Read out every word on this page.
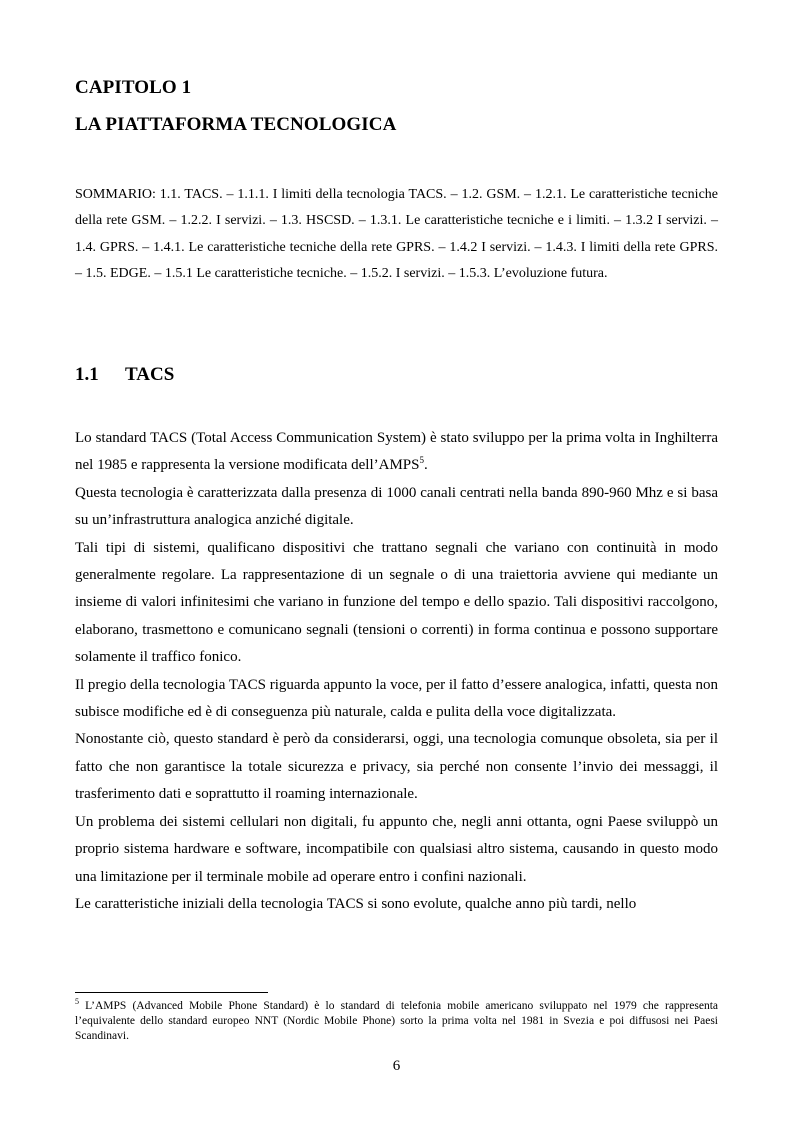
CAPITOLO 1
LA PIATTAFORMA TECNOLOGICA

SOMMARIO: 1.1. TACS. – 1.1.1. I limiti della tecnologia TACS. – 1.2. GSM. – 1.2.1. Le caratteristiche tecniche della rete GSM. – 1.2.2. I servizi. – 1.3. HSCSD. – 1.3.1. Le caratteristiche tecniche e i limiti. – 1.3.2 I servizi. – 1.4. GPRS. – 1.4.1. Le caratteristiche tecniche della rete GPRS. – 1.4.2 I servizi. – 1.4.3. I limiti della rete GPRS. – 1.5. EDGE. – 1.5.1 Le caratteristiche tecniche. – 1.5.2. I servizi. – 1.5.3. L’evoluzione futura.

1.1 TACS

Lo standard TACS (Total Access Communication System) è stato sviluppo per la prima volta in Inghilterra nel 1985 e rappresenta la versione modificata dell’AMPS$^5$.

Questa tecnologia è caratterizzata dalla presenza di 1000 canali centrati nella banda 890-960 Mhz e si basa su un’infrastruttura analogica anziché digitale.

Tali tipi di sistemi, qualificano dispositivi che trattano segnali che variano con continuità in modo generalmente regolare. La rappresentazione di un segnale o di una traiettoria avviene qui mediante un insieme di valori infinitesimi che variano in funzione del tempo e dello spazio. Tali dispositivi raccolgono, elaborano, trasmettono e comunicano segnali (tensioni o correnti) in forma continua e possono supportare solamente il traffico fonico.

Il pregio della tecnologia TACS riguarda appunto la voce, per il fatto d’essere analogica, infatti, questa non subisce modifiche ed è di conseguenza più naturale, calda e pulita della voce digitalizzata.

Nonostante ciò, questo standard è però da considerarsi, oggi, una tecnologia comunque obsoleta, sia per il fatto che non garantisce la totale sicurezza e privacy, sia perché non consente l’invio dei messaggi, il trasferimento dati e soprattutto il roaming internazionale.

Un problema dei sistemi cellulari non digitali, fu appunto che, negli anni ottanta, ogni Paese sviluppò un proprio sistema hardware e software, incompatibile con qualsiasi altro sistema, causando in questo modo una limitazione per il terminale mobile ad operare entro i confini nazionali.

Le caratteristiche iniziali della tecnologia TACS si sono evolute, qualche anno più tardi, nello

$^5$ L’AMPS (Advanced Mobile Phone Standard) è lo standard di telefonia mobile americano sviluppato nel 1979 che rappresenta l’equivalente dello standard europeo NNT (Nordic Mobile Phone) sorto la prima volta nel 1981 in Svezia e poi diffusosi nei Paesi Scandinavi.

6
